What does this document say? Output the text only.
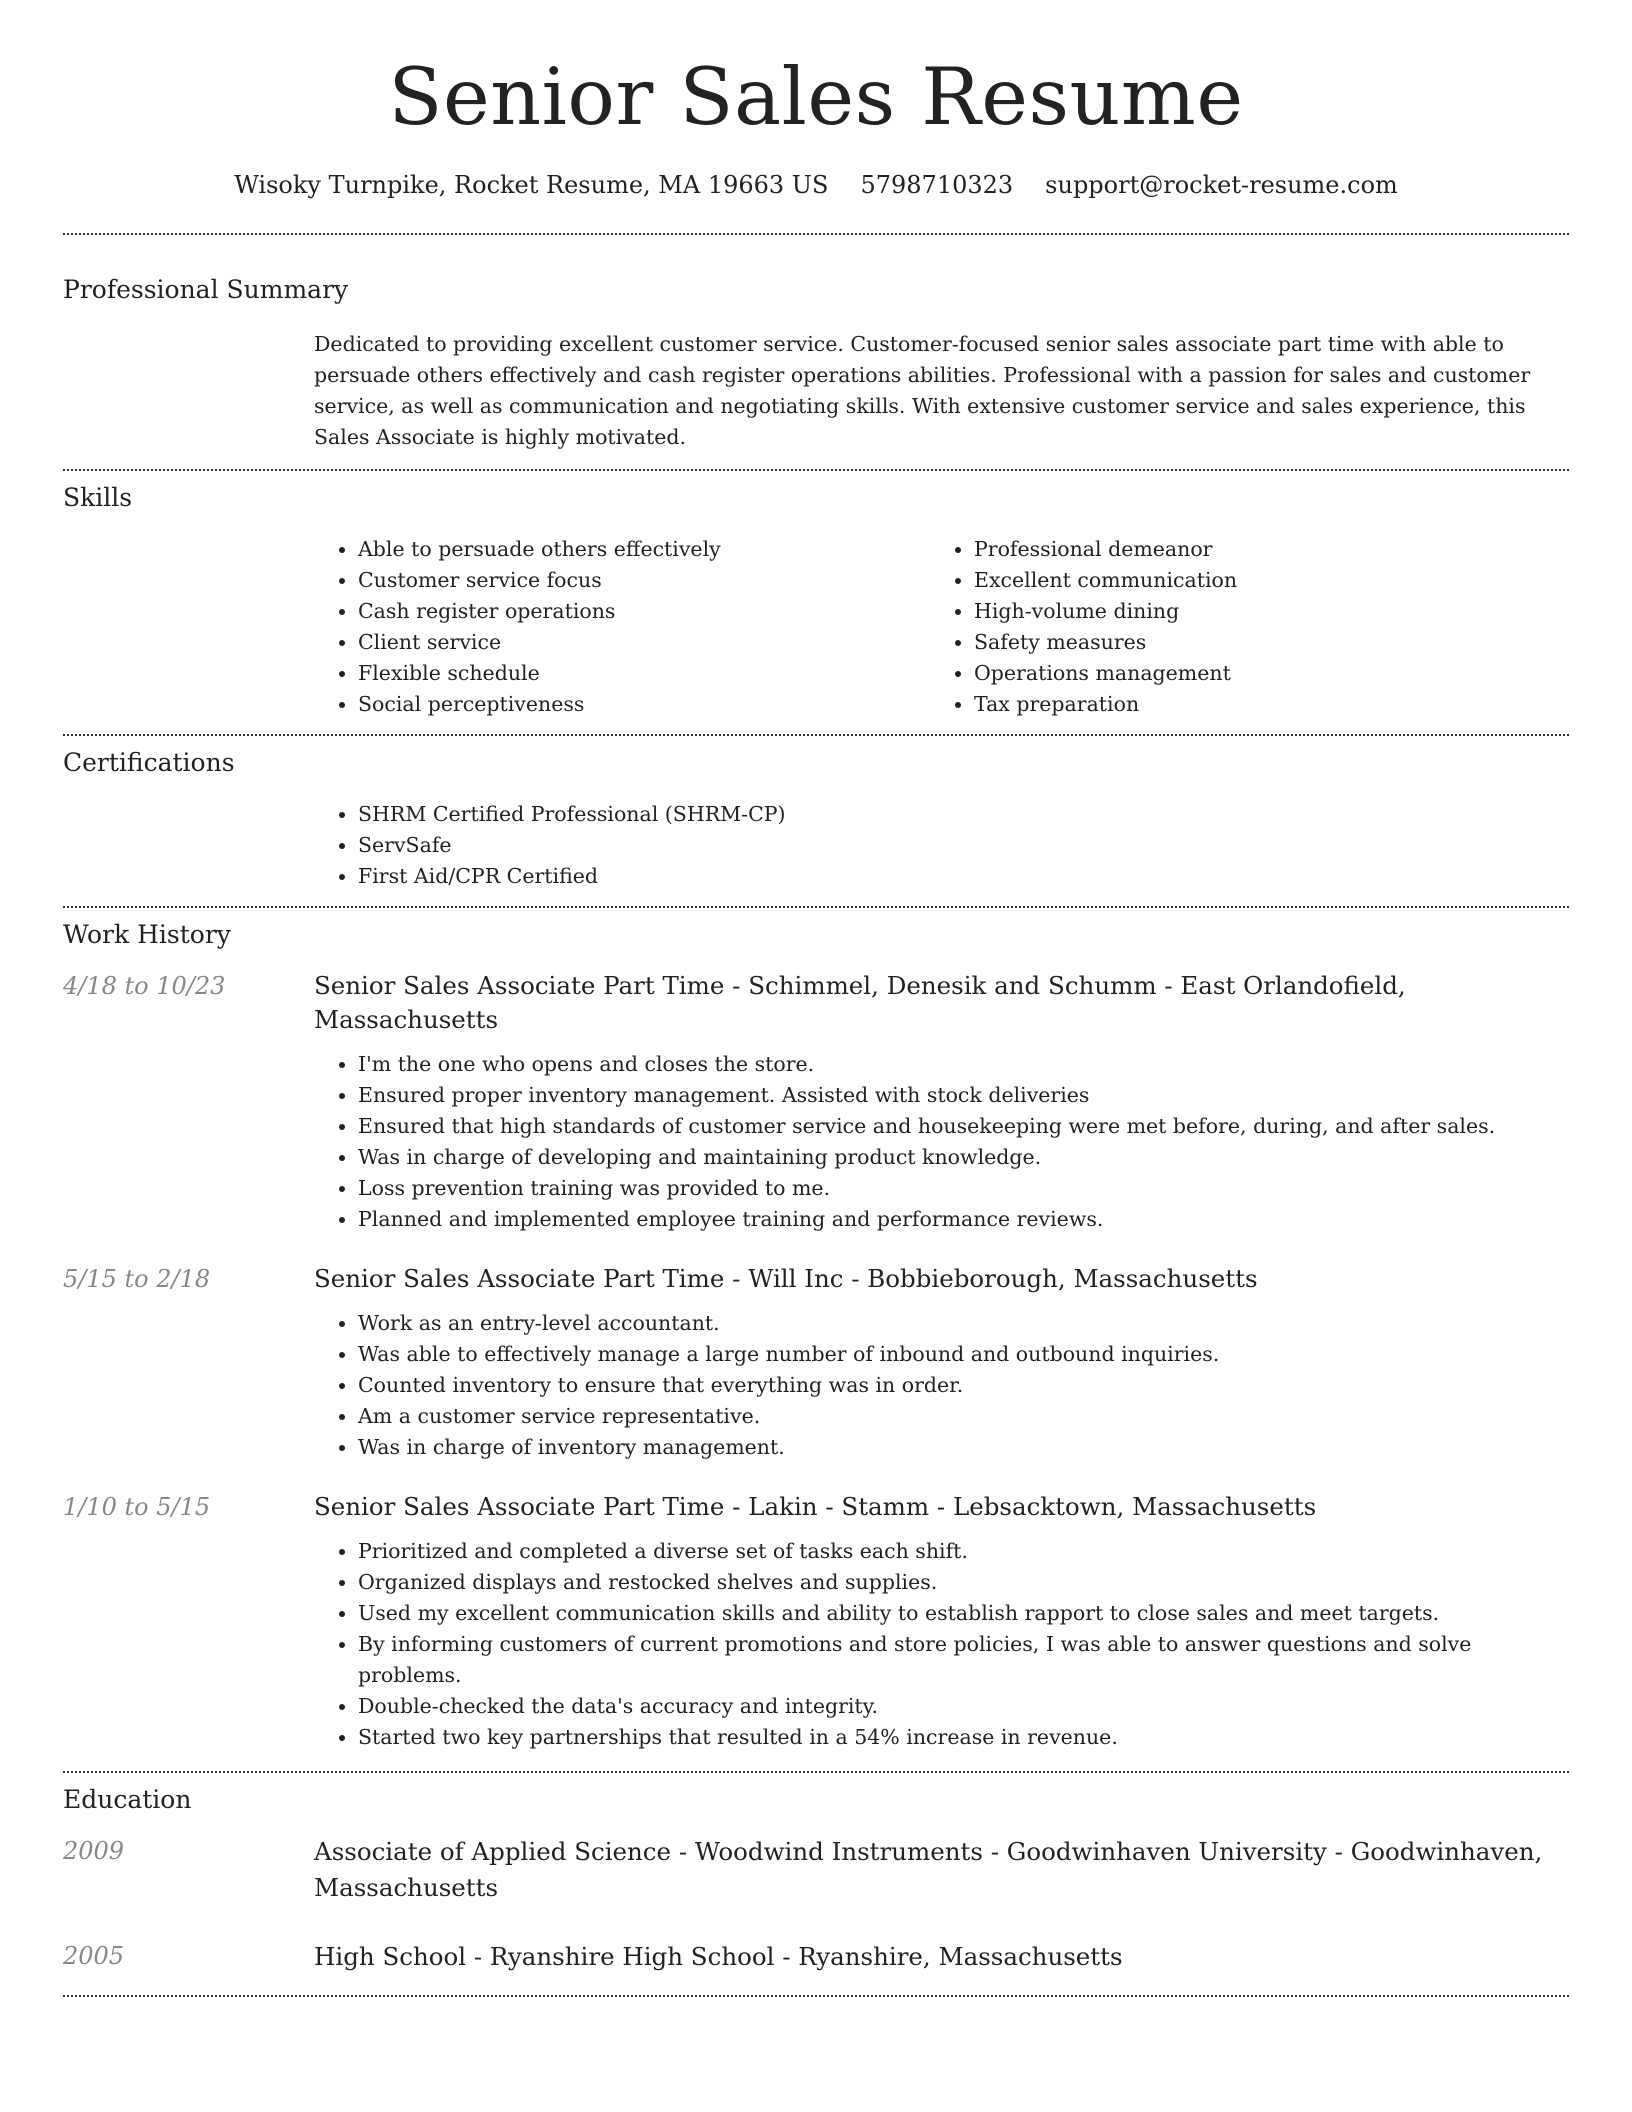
Senior Sales Resume
Wisoky Turnpike, Rocket Resume, MA 19663 US 5798710323 support@rocket-resume.com
Professional Summary
Dedicated to providing excellent customer service. Customer-focused senior sales associate part time with able to persuade others effectively and cash register operations abilities. Professional with a passion for sales and customer service, as well as communication and negotiating skills. With extensive customer service and sales experience, this Sales Associate is highly motivated.
Skills
• Able to persuade others effectively
• Customer service focus
• Cash register operations
• Client service
• Flexible schedule
• Social perceptiveness
• Professional demeanor
• Excellent communication
• High-volume dining
• Safety measures
• Operations management
• Tax preparation
Certifications
• SHRM Certified Professional (SHRM-CP)
• ServSafe
• First Aid/CPR Certified
Work History
4/18 to 10/23	Senior Sales Associate Part Time - Schimmel, Denesik and Schumm - East Orlandofield, Massachusetts
• I'm the one who opens and closes the store.
• Ensured proper inventory management. Assisted with stock deliveries
• Ensured that high standards of customer service and housekeeping were met before, during, and after sales.
• Was in charge of developing and maintaining product knowledge.
• Loss prevention training was provided to me.
• Planned and implemented employee training and performance reviews.
5/15 to 2/18	Senior Sales Associate Part Time - Will Inc - Bobbieborough, Massachusetts
• Work as an entry-level accountant.
• Was able to effectively manage a large number of inbound and outbound inquiries.
• Counted inventory to ensure that everything was in order.
• Am a customer service representative.
• Was in charge of inventory management.
1/10 to 5/15	Senior Sales Associate Part Time - Lakin - Stamm - Lebsacktown, Massachusetts
• Prioritized and completed a diverse set of tasks each shift.
• Organized displays and restocked shelves and supplies.
• Used my excellent communication skills and ability to establish rapport to close sales and meet targets.
• By informing customers of current promotions and store policies, I was able to answer questions and solve problems.
• Double-checked the data's accuracy and integrity.
• Started two key partnerships that resulted in a 54% increase in revenue.
Education
2009	Associate of Applied Science - Woodwind Instruments - Goodwinhaven University - Goodwinhaven, Massachusetts
2005	High School - Ryanshire High School - Ryanshire, Massachusetts
